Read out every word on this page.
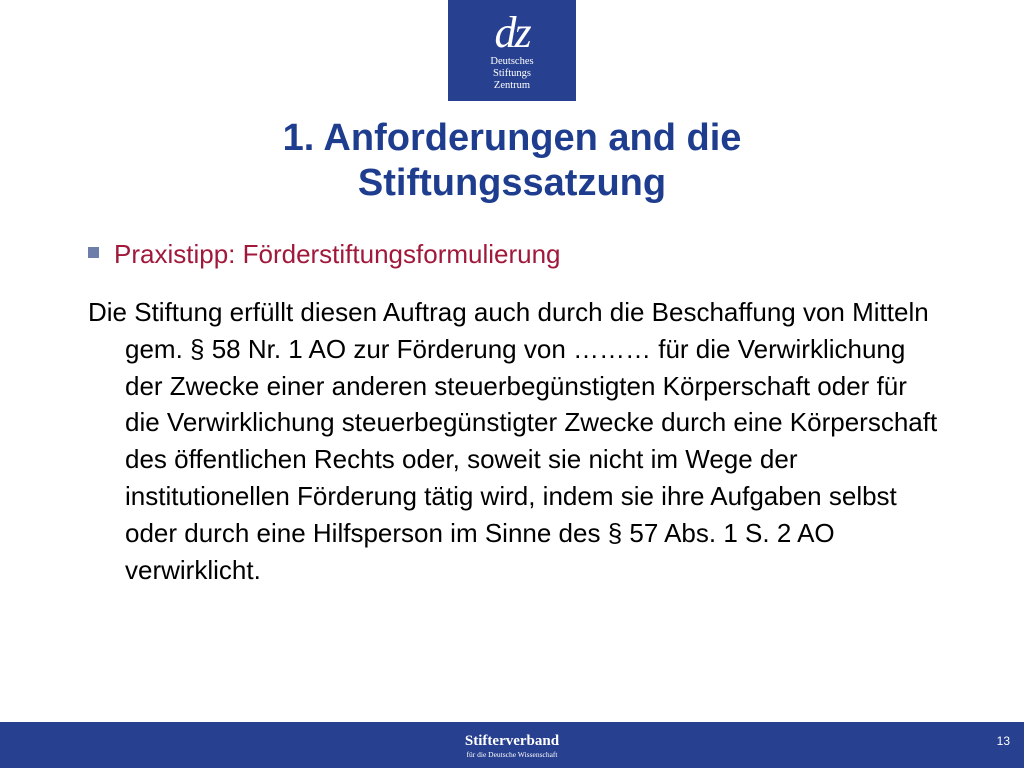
dz
Deutsches
Stiftungs
Zentrum
1. Anforderungen and die
Stiftungssatzung
Praxistipp: Förderstiftungsformulierung

Die Stiftung erfüllt diesen Auftrag auch durch die Beschaffung von Mitteln gem. § 58 Nr. 1 AO zur Förderung von ……… für die Verwirklichung der Zwecke einer anderen steuerbegünstigten Körperschaft oder für die Verwirklichung steuerbegünstigter Zwecke durch eine Körperschaft des öffentlichen Rechts oder, soweit sie nicht im Wege der institutionellen Förderung tätig wird, indem sie ihre Aufgaben selbst oder durch eine Hilfsperson im Sinne des § 57 Abs. 1 S. 2 AO verwirklicht.

Stifterverband
für die Deutsche Wissenschaft
13
